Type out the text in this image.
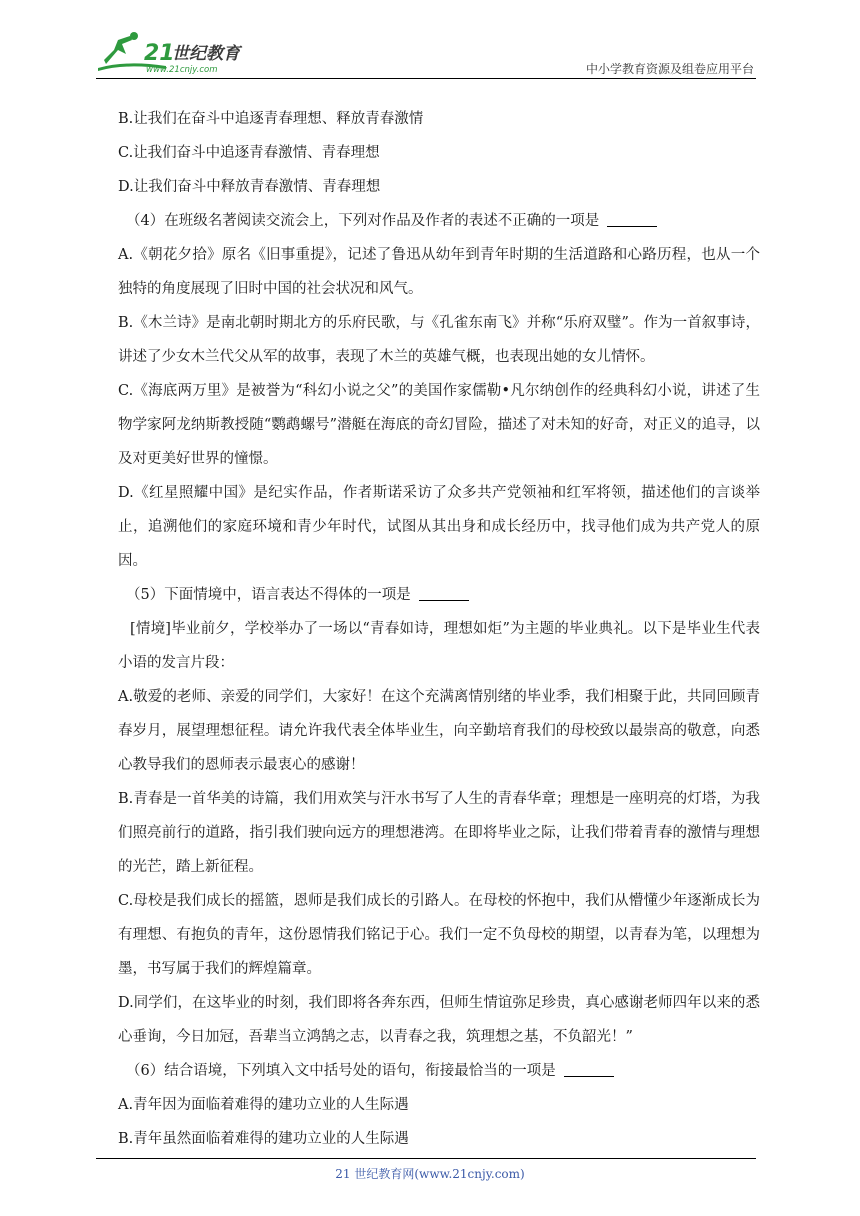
21
世纪教育
www.21cnjy.com	中小学教育资源及组卷应用平台
B.让我们在奋斗中追逐青春理想、释放青春激情
C.让我们奋斗中追逐青春激情、青春理想
D.让我们奋斗中释放青春激情、青春理想
（4）在班级名著阅读交流会上，下列对作品及作者的表述不正确的一项是

A.《朝花夕拾》原名《旧事重提》，记述了鲁迅从幼年到青年时期的生活道路和心路历程，也从一个独特的角度展现了旧时中国的社会状况和风气。

B.《木兰诗》是南北朝时期北方的乐府民歌，与《孔雀东南飞》并称“乐府双璧”。作为一首叙事诗，讲述了少女木兰代父从军的故事，表现了木兰的英雄气概，也表现出她的女儿情怀。

C.《海底两万里》是被誉为“科幻小说之父”的美国作家儒勒•凡尔纳创作的经典科幻小说，讲述了生物学家阿龙纳斯教授随“鹦鹉螺号”潜艇在海底的奇幻冒险，描述了对未知的好奇，对正义的追寻，以及对更美好世界的憧憬。

D.《红星照耀中国》是纪实作品，作者斯诺采访了众多共产党领袖和红军将领，描述他们的言谈举止，追溯他们的家庭环境和青少年时代，试图从其出身和成长经历中，找寻他们成为共产党人的原因。

（5）下面情境中，语言表达不得体的一项是

[情境]毕业前夕，学校举办了一场以“青春如诗，理想如炬”为主题的毕业典礼。以下是毕业生代表小语的发言片段：

A.敬爱的老师、亲爱的同学们，大家好！在这个充满离情别绪的毕业季，我们相聚于此，共同回顾青春岁月，展望理想征程。请允许我代表全体毕业生，向辛勤培育我们的母校致以最崇高的敬意，向悉心教导我们的恩师表示最衷心的感谢！

B.青春是一首华美的诗篇，我们用欢笑与汗水书写了人生的青春华章；理想是一座明亮的灯塔，为我们照亮前行的道路，指引我们驶向远方的理想港湾。在即将毕业之际，让我们带着青春的激情与理想的光芒，踏上新征程。

C.母校是我们成长的摇篮，恩师是我们成长的引路人。在母校的怀抱中，我们从懵懂少年逐渐成长为有理想、有抱负的青年，这份恩情我们铭记于心。我们一定不负母校的期望，以青春为笔，以理想为墨，书写属于我们的辉煌篇章。

D.同学们，在这毕业的时刻，我们即将各奔东西，但师生情谊弥足珍贵，真心感谢老师四年以来的悉心垂询，今日加冠，吾辈当立鸿鹄之志，以青春之我，筑理想之基，不负韶光！”

（6）结合语境，下列填入文中括号处的语句，衔接最恰当的一项是
A.青年因为面临着难得的建功立业的人生际遇
B.青年虽然面临着难得的建功立业的人生际遇
21 世纪教育网(www.21cnjy.com)
